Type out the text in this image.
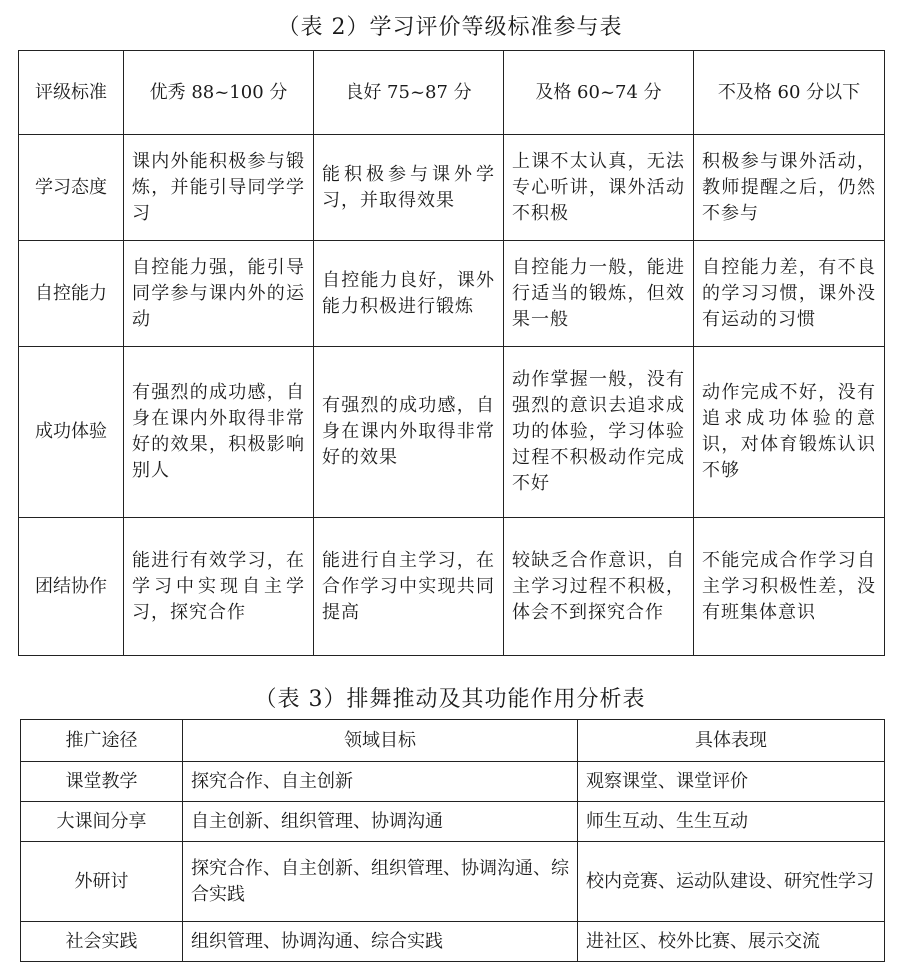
（表 2）学习评价等级标准参与表
评级标准	优秀 88~100 分	良好 75~87 分	及格 60~74 分	不及格 60 分以下
学习态度	课内外能积极参与锻炼，并能引导同学学习	能积极参与课外学习，并取得效果	上课不太认真，无法专心听讲，课外活动不积极	积极参与课外活动，教师提醒之后，仍然不参与
自控能力	自控能力强，能引导同学参与课内外的运动	自控能力良好，课外能力积极进行锻炼	自控能力一般，能进行适当的锻炼，但效果一般	自控能力差，有不良的学习习惯，课外没有运动的习惯
成功体验	有强烈的成功感，自身在课内外取得非常好的效果，积极影响别人	有强烈的成功感，自身在课内外取得非常好的效果	动作掌握一般，没有强烈的意识去追求成功的体验，学习体验过程不积极动作完成不好	动作完成不好，没有追求成功体验的意识，对体育锻炼认识不够
团结协作	能进行有效学习，在学习中实现自主学习，探究合作	能进行自主学习，在合作学习中实现共同提高	较缺乏合作意识，自主学习过程不积极，体会不到探究合作	不能完成合作学习自主学习积极性差，没有班集体意识
（表 3）排舞推动及其功能作用分析表
推广途径	领域目标	具体表现
课堂教学	探究合作、自主创新	观察课堂、课堂评价
大课间分享	自主创新、组织管理、协调沟通	师生互动、生生互动
外研讨	探究合作、自主创新、组织管理、协调沟通、综合实践	校内竞赛、运动队建设、研究性学习
社会实践	组织管理、协调沟通、综合实践	进社区、校外比赛、展示交流
